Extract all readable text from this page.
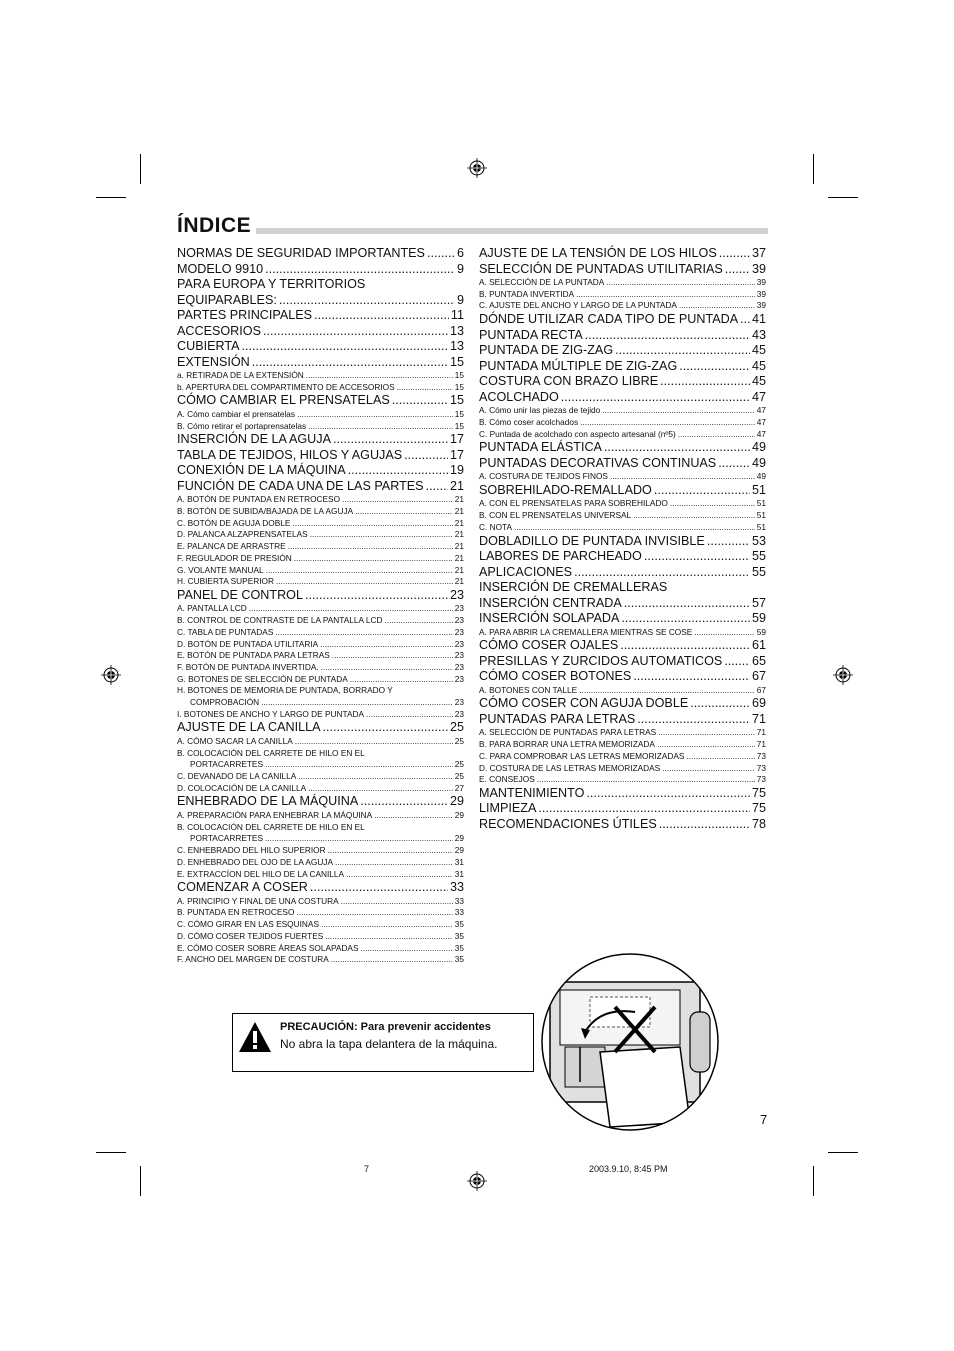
ÍNDICE
NORMAS DE SEGURIDAD IMPORTANTES .....	6
MODELO 9910 .....	9
PARA EUROPA Y TERRITORIOS
EQUIPARABLES: .....	9
PARTES PRINCIPALES .....	11
ACCESORIOS .....	13
CUBIERTA .....	13
EXTENSIÓN .....	15
a. RETIRADA DE LA EXTENSIÓN .....	15
b. APERTURA DEL COMPARTIMENTO DE ACCESORIOS .....	15
CÓMO CAMBIAR EL PRENSATELAS .....	15
A. Cómo cambiar el prensatelas .....	15
B. Cómo retirar el portaprensatelas .....	15
INSERCIÓN DE LA AGUJA .....	17
TABLA DE TEJIDOS, HILOS Y AGUJAS .....	17
CONEXIÓN DE LA MÁQUINA .....	19
FUNCIÓN DE CADA UNA DE LAS PARTES ..... 21
A. BOTÓN DE PUNTADA EN RETROCESO .....	21
B. BOTÓN DE SUBIDA/BAJADA DE LA AGUJA .....	21
C. BOTÓN DE AGUJA DOBLE .....	21
D. PALANCA ALZAPRENSATELAS .....	21
E. PALANCA DE ARRASTRE .....	21
F. REGULADOR DE PRESIÓN .....	21
G. VOLANTE MANUAL .....	21
H. CUBIERTA SUPERIOR .....	21
PANEL DE CONTROL .....	23
A. PANTALLA LCD .....	23
B. CONTROL DE CONTRASTE DE LA PANTALLA LCD .....	23
C. TABLA DE PUNTADAS .....	23
D. BOTÓN DE PUNTADA UTILITARIA .....	23
E. BOTÓN DE PUNTADA PARA LETRAS .....	23
F. BOTÓN DE PUNTADA INVERTIDA. .....	23
G. BOTONES DE SELECCIÓN DE PUNTADA .....	23
H. BOTONES DE MEMORIA DE PUNTADA, BORRADO Y
COMPROBACIÓN .....	23
I. BOTONES DE ANCHO Y LARGO DE PUNTADA .....	23
AJUSTE DE LA CANILLA .....	25
A. CÓMO SACAR LA CANILLA .....	25
B. COLOCACIÓN DEL CARRETE DE HILO EN EL
PORTACARRETES .....	25
C. DEVANADO DE LA CANILLA .....	25
D. COLOCACIÓN DE LA CANILLA .....	27
ENHEBRADO DE LA MÁQUINA .....	29
A. PREPARACIÓN PARA ENHEBRAR LA MÁQUINA .....	29
B. COLOCACIÓN DEL CARRETE DE HILO EN EL
PORTACARRETES .....	29
C. ENHEBRADO DEL HILO SUPERIOR .....	29
D. ENHEBRADO DEL OJO DE LA AGUJA .....	31
E. EXTRACCÍON DEL HILO DE LA CANILLA .....	31
COMENZAR A COSER .....	33
A. PRINCIPIO Y FINAL DE UNA COSTURA .....	33
B. PUNTADA EN RETROCESO .....	33
C. CÓMO GIRAR EN LAS ESQUINAS .....	35
D. CÓMO COSER TEJIDOS FUERTES .....	35
E. CÓMO COSER SOBRE ÁREAS SOLAPADAS .....	35
F. ANCHO DEL MARGEN DE COSTURA .....	35
AJUSTE DE LA TENSIÓN DE LOS HILOS .....	37
SELECCIÓN DE PUNTADAS UTILITARIAS ..... 39
A. SELECCIÓN DE LA PUNTADA .....	39
B. PUNTADA INVERTIDA .....	39
C. AJUSTE DEL ANCHO Y LARGO DE LA PUNTADA .....	39
DÓNDE UTILIZAR CADA TIPO DE PUNTADA ..... 41
PUNTADA RECTA .....	43
PUNTADA DE ZIG-ZAG .....	45
PUNTADA MÚLTIPLE DE ZIG-ZAG .....	45
COSTURA CON BRAZO LIBRE .....	45
ACOLCHADO .....	47
A. Cómo unir las piezas de tejido .....	47
B. Cómo coser acolchados .....	47
C. Puntada de acolchado con aspecto artesanal (nº5) .....	47
PUNTADA ELÁSTICA .....	49
PUNTADAS DECORATIVAS CONTINUAS .....	49
A. COSTURA DE TEJIDOS FINOS .....	49
SOBREHILADO-REMALLADO .....	51
A. CON EL PRENSATELAS PARA SOBREHILADO .....	51
B. CON EL PRENSATELAS UNIVERSAL .....	51
C. NOTA .....	51
DOBLADILLO DE PUNTADA INVISIBLE .....	53
LABORES DE PARCHEADO .....	55
APLICACIONES .....	55
INSERCIÓN DE CREMALLERAS
INSERCIÓN CENTRADA .....	57
INSERCIÓN SOLAPADA .....	59
A. PARA ABRIR LA CREMALLERA MIENTRAS SE COSE .....	59
CÓMO COSER OJALES .....	61
PRESILLAS Y ZURCIDOS AUTOMATICOS ..... 65
CÓMO COSER BOTONES .....	67
A. BOTONES CON TALLE .....	67
CÓMO COSER CON AGUJA DOBLE .....	69
PUNTADAS PARA LETRAS .....	71
A. SELECCIÓN DE PUNTADAS PARA LETRAS .....	71
B. PARA BORRAR UNA LETRA MEMORIZADA .....	71
C. PARA COMPROBAR LAS LETRAS MEMORIZADAS .....	73
D. COSTURA DE LAS LETRAS MEMORIZADAS .....	73
E. CONSEJOS .....	73
MANTENIMIENTO .....	75
LIMPIEZA .....	75
RECOMENDACIONES ÚTILES .....	78
PRECAUCIÓN: Para prevenir accidentes
No abra la tapa delantera de la máquina.
7
7	2003.9.10, 8:45 PM
